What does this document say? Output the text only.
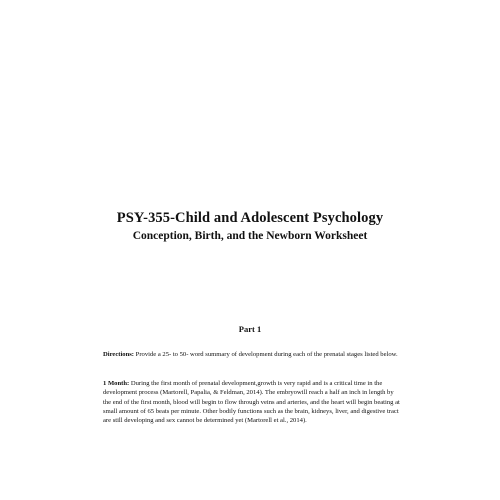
PSY-355-Child and Adolescent Psychology

Conception, Birth, and the Newborn Worksheet

Part 1

Directions: Provide a 25- to 50- word summary of development during each of the prenatal stages listed below.

1 Month: During the first month of prenatal development,growth is very rapid and is a critical time in the development process (Martorell, Papalia, & Feldman, 2014). The embryowill reach a half an inch in length by the end of the first month, blood will begin to flow through veins and arteries, and the heart will begin beating at small amount of 65 beats per minute. Other bodily functions such as the brain, kidneys, liver, and digestive tract are still developing and sex cannot be determined yet (Martorell et al., 2014).
